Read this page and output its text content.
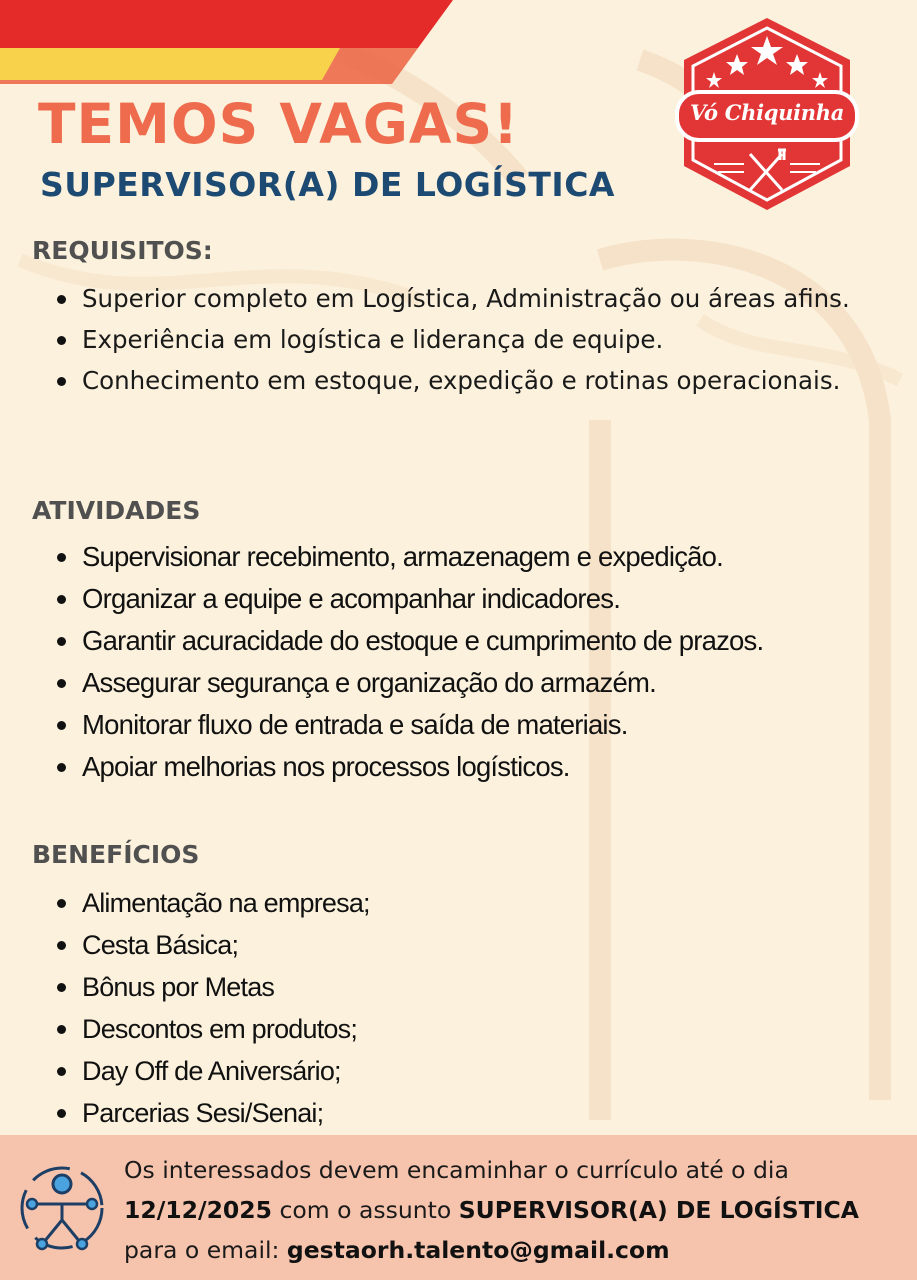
Vó Chiquinha
TEMOS VAGAS!
SUPERVISOR(A) DE LOGÍSTICA
REQUISITOS:
Superior completo em Logística, Administração ou áreas afins.
Experiência em logística e liderança de equipe.
Conhecimento em estoque, expedição e rotinas operacionais.
ATIVIDADES
Supervisionar recebimento, armazenagem e expedição.
Organizar a equipe e acompanhar indicadores.
Garantir acuracidade do estoque e cumprimento de prazos.
Assegurar segurança e organização do armazém.
Monitorar fluxo de entrada e saída de materiais.
Apoiar melhorias nos processos logísticos.
BENEFÍCIOS
Alimentação na empresa;
Cesta Básica;
Bônus por Metas
Descontos em produtos;
Day Off de Aniversário;
Parcerias Sesi/Senai;
Os interessados devem encaminhar o currículo até o dia
12/12/2025 com o assunto SUPERVISOR(A) DE LOGÍSTICA
para o email: gestaorh.talento@gmail.com
